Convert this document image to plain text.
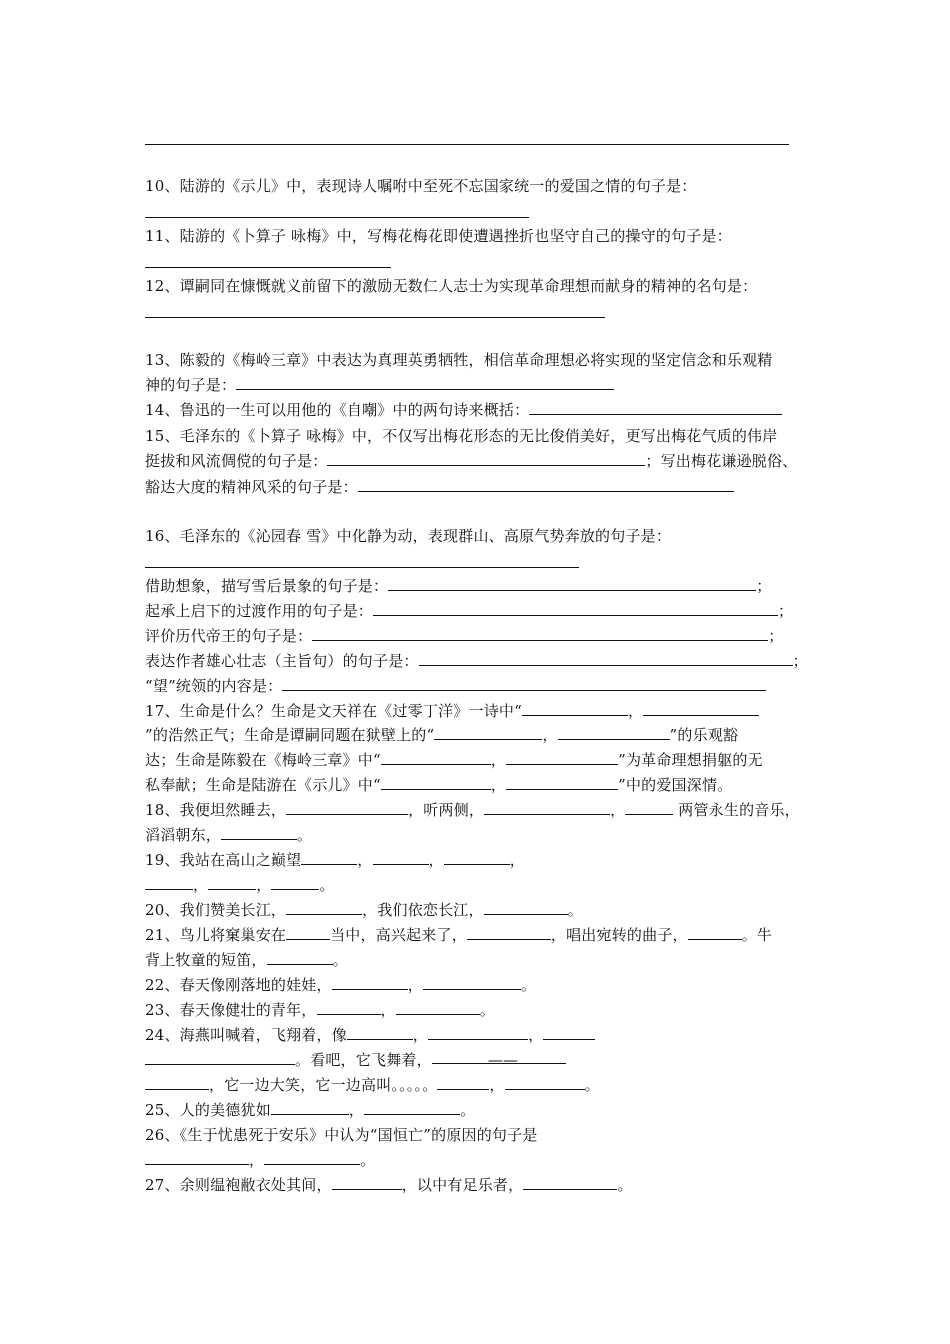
10、陆游的《示儿》中，表现诗人嘱咐中至死不忘国家统一的爱国之情的句子是：
11、陆游的《卜算子 咏梅》中，写梅花梅花即使遭遇挫折也坚守自己的操守的句子是：
12、谭嗣同在慷慨就义前留下的激励无数仁人志士为实现革命理想而献身的精神的名句是：
13、陈毅的《梅岭三章》中表达为真理英勇牺牲，相信革命理想必将实现的坚定信念和乐观精
神的句子是：
14、鲁迅的一生可以用他的《自嘲》中的两句诗来概括：
15、毛泽东的《卜算子 咏梅》中，不仅写出梅花形态的无比俊俏美好，更写出梅花气质的伟岸
挺拔和风流倜傥的句子是：	；写出梅花谦逊脱俗、
豁达大度的精神风采的句子是：
16、毛泽东的《沁园春 雪》中化静为动，表现群山、高原气势奔放的句子是：
借助想象，描写雪后景象的句子是：	；
起承上启下的过渡作用的句子是：	；
评价历代帝王的句子是：	；
表达作者雄心壮志（主旨句）的句子是：	；
“望”统领的内容是：
17、生命是什么？生命是文天祥在《过零丁洋》一诗中“	，
”的浩然正气；生命是谭嗣同题在狱壁上的“	，	”的乐观豁
达；生命是陈毅在《梅岭三章》中“	，	”为革命理想捐躯的无
私奉献；生命是陆游在《示儿》中“	，	”中的爱国深情。
18、我便坦然睡去，	，听两侧，	，	两管永生的音乐，
滔滔朝东，	。
19、我站在高山之巅望	，	，	，
，	，	。
20、我们赞美长江，	，我们依恋长江，	。
21、鸟儿将窠巢安在	当中，高兴起来了，	，唱出宛转的曲子，	。牛
背上牧童的短笛，	。
22、春天像刚落地的娃娃，	，	。
23、春天像健壮的青年，	，	。
24、海燕叫喊着，飞翔着，像	，	，
。看吧，它飞舞着，	——
，它一边大笑，它一边高叫。。。。。	，	。
25、人的美德犹如	，	。
26、《生于忧患死于安乐》中认为“国恒亡”的原因的句子是
，	。
27、余则缊袍敝衣处其间，	，以中有足乐者，	。
